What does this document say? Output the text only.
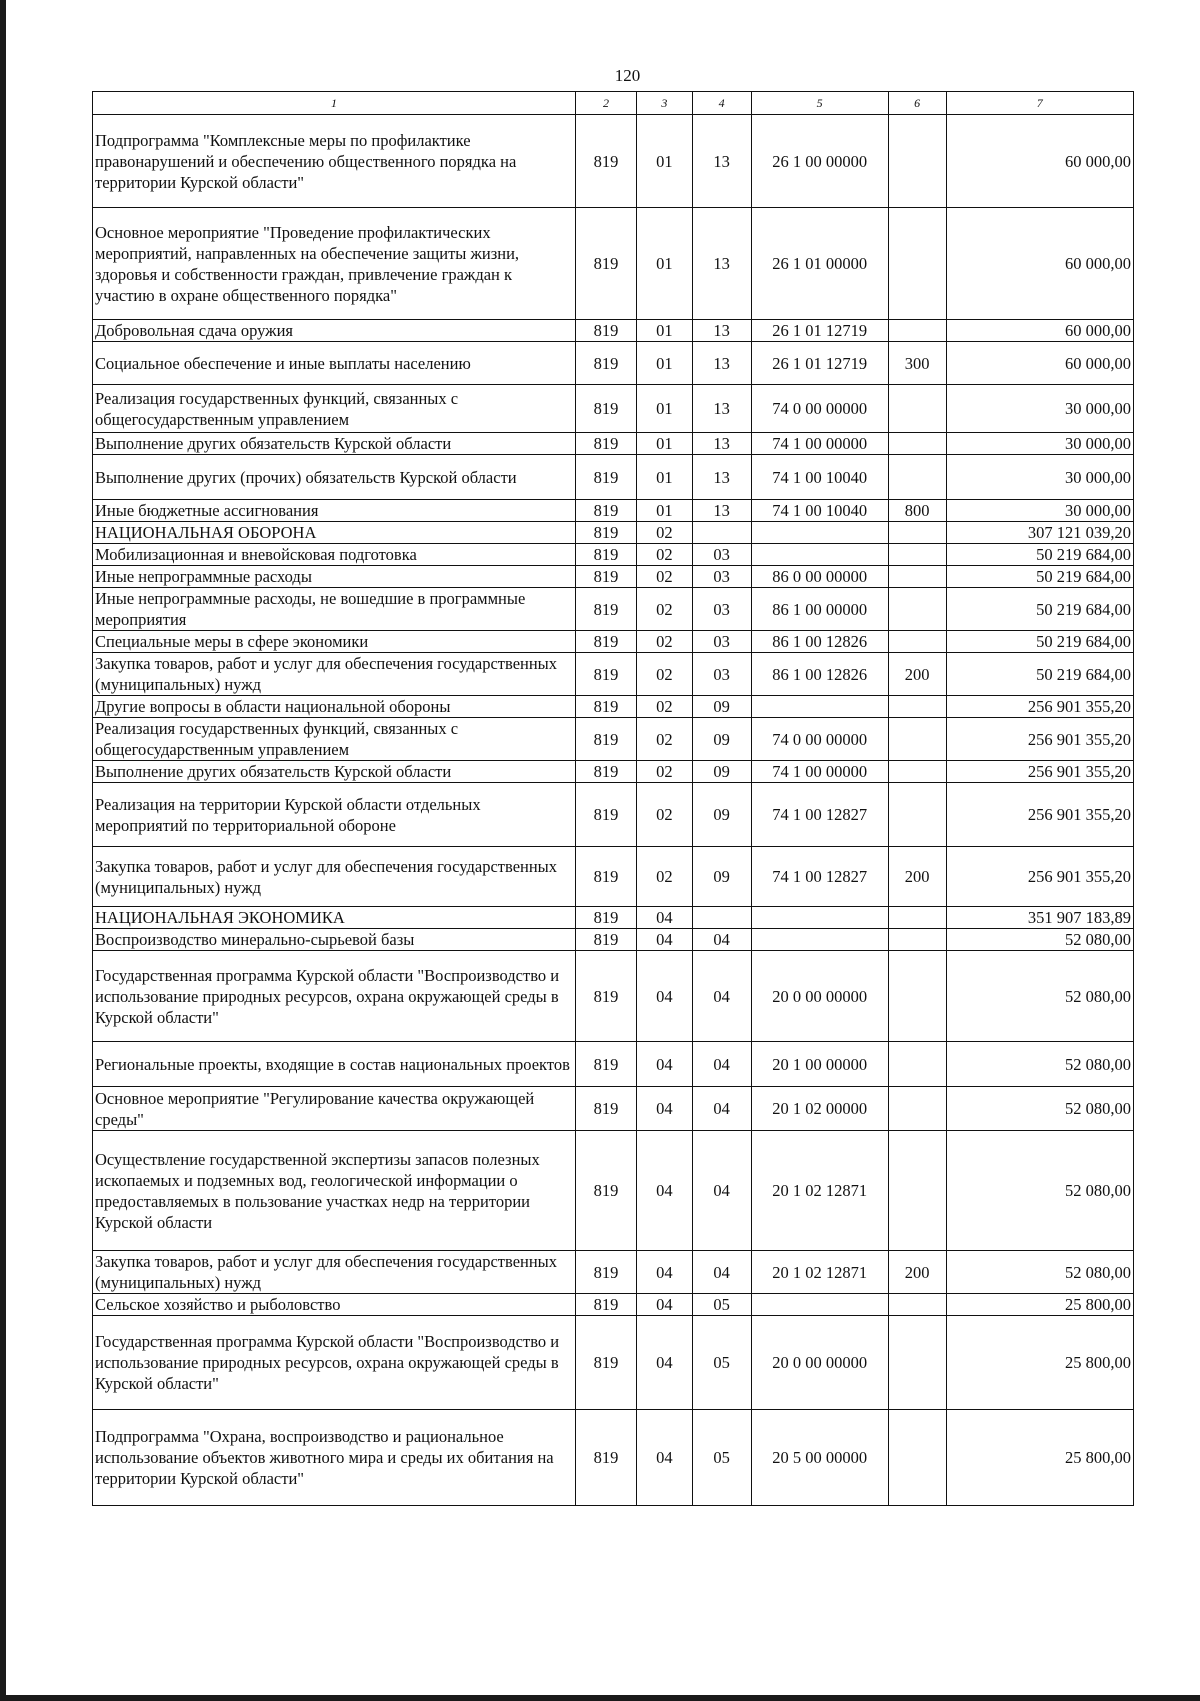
120
1	2	3	4	5	6	7
Подпрограмма "Комплексные меры по профилактике правонарушений и обеспечению общественного порядка на территории Курской области"	819	01	13	26 1 00 00000		60 000,00
Основное мероприятие "Проведение профилактических мероприятий, направленных на обеспечение защиты жизни, здоровья и собственности граждан, привлечение граждан к участию в охране общественного порядка"	819	01	13	26 1 01 00000		60 000,00
Добровольная сдача оружия	819	01	13	26 1 01 12719		60 000,00
Социальное обеспечение и иные выплаты населению	819	01	13	26 1 01 12719	300	60 000,00
Реализация государственных функций, связанных с общегосударственным управлением	819	01	13	74 0 00 00000		30 000,00
Выполнение других обязательств Курской области	819	01	13	74 1 00 00000		30 000,00
Выполнение других (прочих) обязательств Курской области	819	01	13	74 1 00 10040		30 000,00
Иные бюджетные ассигнования	819	01	13	74 1 00 10040	800	30 000,00
НАЦИОНАЛЬНАЯ ОБОРОНА	819	02				307 121 039,20
Мобилизационная и вневойсковая подготовка	819	02	03			50 219 684,00
Иные непрограммные расходы	819	02	03	86 0 00 00000		50 219 684,00
Иные непрограммные расходы, не вошедшие в программные мероприятия	819	02	03	86 1 00 00000		50 219 684,00
Специальные меры в сфере экономики	819	02	03	86 1 00 12826		50 219 684,00
Закупка товаров, работ и услуг для обеспечения государственных (муниципальных) нужд	819	02	03	86 1 00 12826	200	50 219 684,00
Другие вопросы в области национальной обороны	819	02	09			256 901 355,20
Реализация государственных функций, связанных с общегосударственным управлением	819	02	09	74 0 00 00000		256 901 355,20
Выполнение других обязательств Курской области	819	02	09	74 1 00 00000		256 901 355,20
Реализация на территории Курской области отдельных мероприятий по территориальной обороне	819	02	09	74 1 00 12827		256 901 355,20
Закупка товаров, работ и услуг для обеспечения государственных (муниципальных) нужд	819	02	09	74 1 00 12827	200	256 901 355,20
НАЦИОНАЛЬНАЯ ЭКОНОМИКА	819	04				351 907 183,89
Воспроизводство минерально-сырьевой базы	819	04	04			52 080,00
Государственная программа Курской области "Воспроизводство и использование природных ресурсов, охрана окружающей среды в Курской области"	819	04	04	20 0 00 00000		52 080,00
Региональные проекты, входящие в состав национальных проектов	819	04	04	20 1 00 00000		52 080,00
Основное мероприятие "Регулирование качества окружающей среды"	819	04	04	20 1 02 00000		52 080,00
Осуществление государственной экспертизы запасов полезных ископаемых и подземных вод, геологической информации о предоставляемых в пользование участках недр на территории Курской области	819	04	04	20 1 02 12871		52 080,00
Закупка товаров, работ и услуг для обеспечения государственных (муниципальных) нужд	819	04	04	20 1 02 12871	200	52 080,00
Сельское хозяйство и рыболовство	819	04	05			25 800,00
Государственная программа Курской области "Воспроизводство и использование природных ресурсов, охрана окружающей среды в Курской области"	819	04	05	20 0 00 00000		25 800,00
Подпрограмма "Охрана, воспроизводство и рациональное использование объектов животного мира и среды их обитания на территории Курской области"	819	04	05	20 5 00 00000		25 800,00
